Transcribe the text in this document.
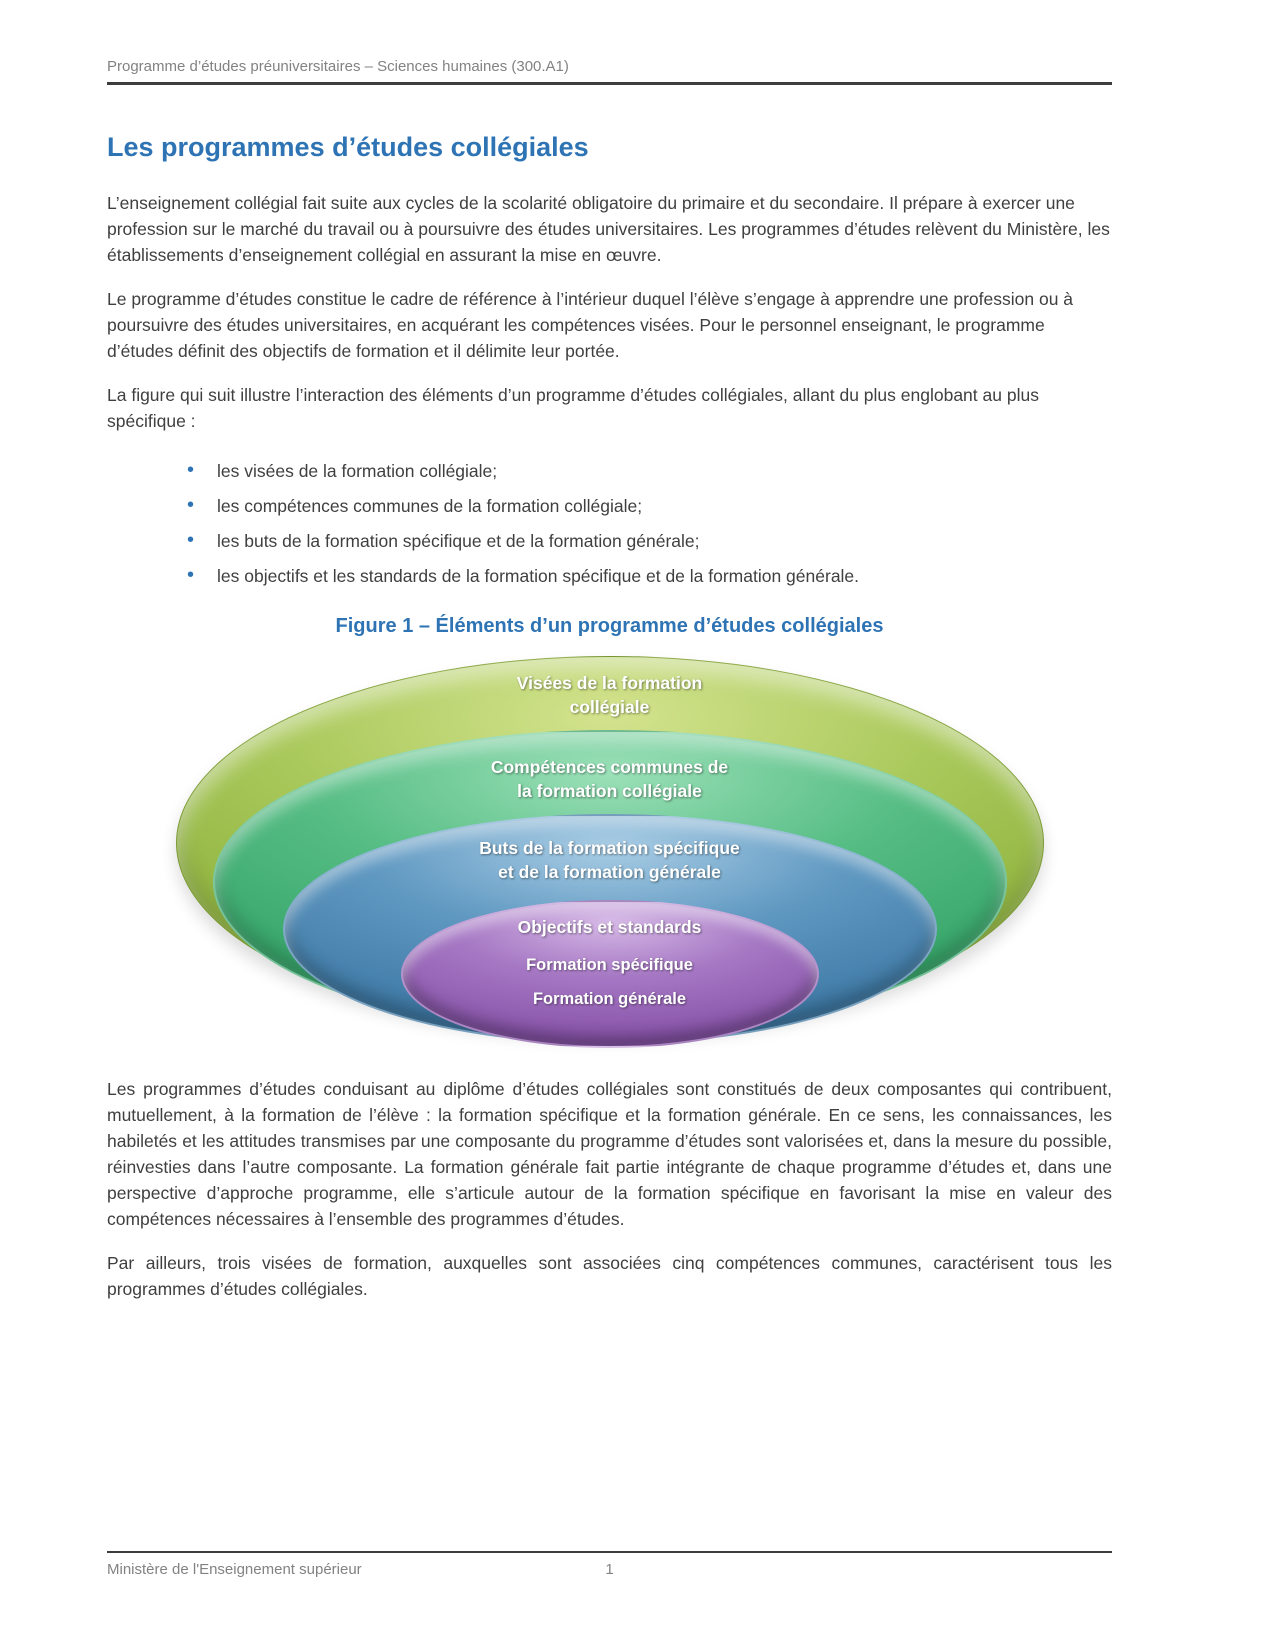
Programme d’études préuniversitaires – Sciences humaines (300.A1)
Les programmes d’études collégiales

L’enseignement collégial fait suite aux cycles de la scolarité obligatoire du primaire et du secondaire. Il prépare à exercer une profession sur le marché du travail ou à poursuivre des études universitaires. Les programmes d’études relèvent du Ministère, les établissements d’enseignement collégial en assurant la mise en œuvre.

Le programme d’études constitue le cadre de référence à l’intérieur duquel l’élève s’engage à apprendre une profession ou à poursuivre des études universitaires, en acquérant les compétences visées. Pour le personnel enseignant, le programme d’études définit des objectifs de formation et il délimite leur portée.

La figure qui suit illustre l’interaction des éléments d’un programme d’études collégiales, allant du plus englobant au plus spécifique :

• les visées de la formation collégiale;
• les compétences communes de la formation collégiale;
• les buts de la formation spécifique et de la formation générale;
• les objectifs et les standards de la formation spécifique et de la formation générale.
Figure 1 – Éléments d’un programme d’études collégiales
Visées de la formation
collégiale
Compétences communes de
la formation collégiale
Buts de la formation spécifique
et de la formation générale
Objectifs et standards
Formation spécifique
Formation générale

Les programmes d’études conduisant au diplôme d’études collégiales sont constitués de deux composantes qui contribuent, mutuellement, à la formation de l’élève : la formation spécifique et la formation générale. En ce sens, les connaissances, les habiletés et les attitudes transmises par une composante du programme d’études sont valorisées et, dans la mesure du possible, réinvesties dans l’autre composante. La formation générale fait partie intégrante de chaque programme d’études et, dans une perspective d’approche programme, elle s’articule autour de la formation spécifique en favorisant la mise en valeur des compétences nécessaires à l’ensemble des programmes d’études.

Par ailleurs, trois visées de formation, auxquelles sont associées cinq compétences communes, caractérisent tous les programmes d’études collégiales.

Ministère de l'Enseignement supérieur	1
